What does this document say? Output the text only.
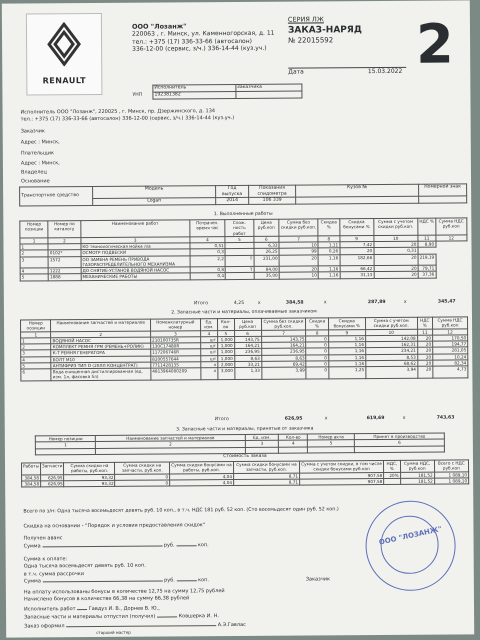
RENAULT
ООО "Лозанж"
220063 , г. Минск, ул. Каменногорская, д. 11
тел.: +375 (17) 336-33-66 (автосалон)
336-12-00 (сервис, з/ч.) 336-14-44 (куз.уч.)
СЕРИЯ ЛЖ
ЗАКАЗ-НАРЯД
№ 22015592
Дата	15.03.2022 2
Исполнитель	Заказчика
192381382	
УНП
Исполнитель ООО "Лозанж", 220025 , г. Минск, пр. Дзержинского, д. 134
тел.: +375 (17) 336-33-66 (автосалон) 336-12-00 (сервис, з/ч.) 336-14-44 (куз.уч.)
Заказчик
Адрес : Минск,
Плательщик
Адрес : Минск,
Владелец
Основание
Транспортное средство	Модель	Год выпуска	Показания спидометра	Кузов №	Номерной знак
	Logan	2014	106 339		
1. Выполненные работы
Номер позиции	Номер по каталогу	Наименование работ	Потрачен. время час	Слож. ность работ	Цена руб.коп	Сумма без скидки руб.коп.	Скидка %	Скидка бонусами %	Сумма с учетом скидки руб.коп.	НДС %	Сумма НДС руб.коп
1	2	3	4	5	6	7	8	9	10	11	12
1		КО технологическая мойка л/а	0,51		6,33	10	1,11	7,42	20	8,90	
2	0102*	ОСМОТР ПОДВЕСКИ	0,3		26,25	99	0,26	20	0,31		
3	1572	ОО ЗАМЕНА РЕМЕНЬ ПРИВОДА ГАЗОРАСПРЕДЕЛИТЕЛЬНОГО МЕХАНИЗМА	2,2	Т	231,00	20	1,16	182,66	20	219,19	
4	1222	ДО СНЯТИЕ-УСТАНОВ ВОДЯНОЙ НАСОС	0,8	Т	84,00	20	1,16	66,42	20	79,71	
5	1888	МЕХАНИЧЕСКИЕ РАБОТЫ	0,4		35,00	10	1,16	31,13	20	37,36	
Итого	4,25	х	384,58	х	287,89	х	345,47
2. Запасные части и материалы, оплачиваемые заказчиком
Номер позиции	Наименование запчастей и материалов	Номенклатурный номер	Ед. изм.	Кол-во	Цена руб.коп	Сумма без скидки руб.коп.	Скидка %	Скидка бонусами %	Сумма с учетом скидки руб.коп.	НДС %	Сумма НДС руб.коп
1	2	3	4	5	6	7	8	9	10	11	12
1	ВОДЯНОЙ НАСОС	210100735R	шт	1,000	143,75	143,75	0	1,16	142,08	20	170,50
2	КОМПЛЕКТ РЕМНЯ ГРМ (РЕМЕНЬ+РОЛИК)	130C17480R	шт	1,000	164,21	164,21	0	1,16	162,31	20	194,77
3	К-Т РЕМНЯ ГЕНЕРАТОРА	117206746R	шт	1,000	236,95	236,95	0	1,16	234,21	20	281,05
4	БОЛТ М10	8200557644	шт	1,000	8,63	8,63	0	1,16	8,53	20	10,24
5	АНТИФРИЗ ТИП D (20ЛЛ КОНЦЕНТРАТ)	7711428135	л	2,000	33,21	69,42	0	1,16	68,62	20	82,34
6	Вода очищенная дистиллированная (ед. изм. 1л, фасовка 5л)	4813964000209	л	3,000	1,33	3,99	0	1,25	3,94	20	4,73
Итого	626,95	х	619,69	х	743,63
3. Запасные части и материалы, принятые от заказчика
Номер позиции	Наименование запчастей и материалов	Ед. изм.	Кол-во	Номер акта	Принят в производство
1	2	3	4	5	6

Стоимость заказа
Работы	Запчасти	Сумма скидки на работы, руб.коп.	Сумма скидки на запчасти, руб.коп.	Сумма скидки бонусами на работы, руб.коп.	Сумма скидки бонусами на запчасти, руб.коп.	Сумма с учетом скидки, в том числе скидки бонусами руб.коп	НДС, %	Сумма НДС, руб.коп	Всего с НДС руб.коп
384,58	626,95	93,32	0	4,04	8,71	907,58	20%	181,52	1 089,10
384,58	626,95	93,32	0	4,04	8,71	907,58		181,52	1 089,10
Всего по з/н: Одна тысяча восемьдесят девять руб. 10 коп., в т.ч. НДС 181 руб. 52 коп. (Сто восемьдесят один руб. 52 коп.)
Скидка на основании - "Порядок и условия предоставления скидок"
Получен аванс
Сумма	руб.	коп.
Сумма к оплате:
Одна тысяча восемьдесят девять руб. 10 коп.
в т.ч. сумма рассрочки
Сумма	руб.	коп.
На оплату использованы бонусы в количестве 12,75 на сумму 12,75 рублей
Начислено бонусов в количестве 66,38 на сумму 66,38 рублей
Исполнитель работ	Гавдуз И. В., Дорнев В. Ю.,
Запасные части и материалы отпустил (получил)	Ковшерка И. Н.
Заказ оформил	А.Э.Гавлас
старший мастер
Заказчик
ООО "ЛОЗАНЖ"
